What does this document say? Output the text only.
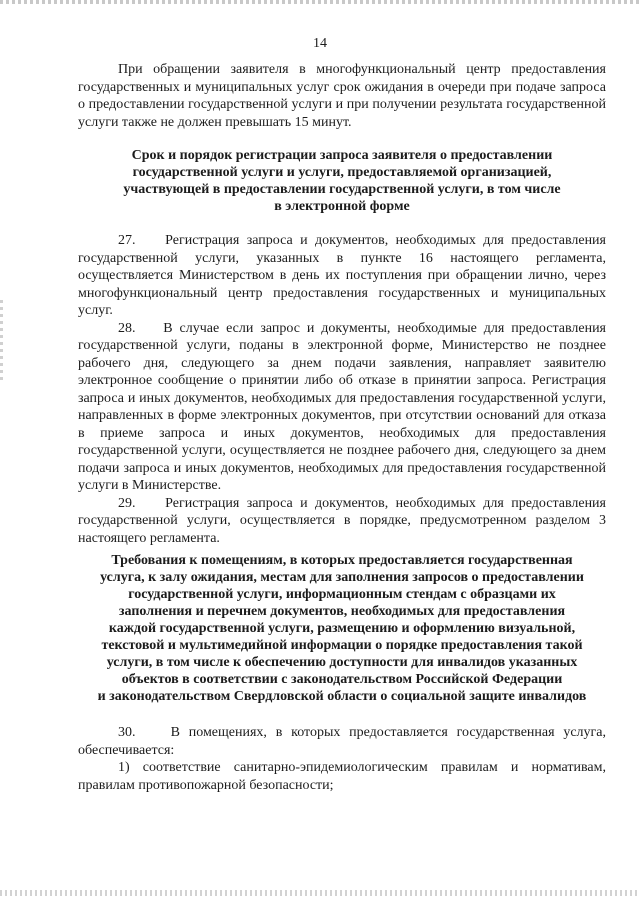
14

При обращении заявителя в многофункциональный центр предоставления государственных и муниципальных услуг срок ожидания в очереди при подаче запроса о предоставлении государственной услуги и при получении результата государственной услуги также не должен превышать 15 минут.

Срок и порядок регистрации запроса заявителя о предоставлении
государственной услуги и услуги, предоставляемой организацией,
участвующей в предоставлении государственной услуги, в том числе
в электронной форме

27.    Регистрация запроса и документов, необходимых для предоставления государственной услуги, указанных в пункте 16 настоящего регламента, осуществляется Министерством в день их поступления при обращении лично, через многофункциональный центр предоставления государственных и муниципальных услуг.

28.    В случае если запрос и документы, необходимые для предоставления государственной услуги, поданы в электронной форме, Министерство не позднее рабочего дня, следующего за днем подачи заявления, направляет заявителю электронное сообщение о принятии либо об отказе в принятии запроса. Регистрация запроса и иных документов, необходимых для предоставления государственной услуги, направленных в форме электронных документов, при отсутствии оснований для отказа в приеме запроса и иных документов, необходимых для предоставления государственной услуги, осуществляется не позднее рабочего дня, следующего за днем подачи запроса и иных документов, необходимых для предоставления государственной услуги в Министерстве.

29.    Регистрация запроса и документов, необходимых для предоставления государственной услуги, осуществляется в порядке, предусмотренном разделом 3 настоящего регламента.

Требования к помещениям, в которых предоставляется государственная
услуга, к залу ожидания, местам для заполнения запросов о предоставлении
государственной услуги, информационным стендам с образцами их
заполнения и перечнем документов, необходимых для предоставления
каждой государственной услуги, размещению и оформлению визуальной,
текстовой и мультимедийной информации о порядке предоставления такой
услуги, в том числе к обеспечению доступности для инвалидов указанных
объектов в соответствии с законодательством Российской Федерации
и законодательством Свердловской области о социальной защите инвалидов

30.    В помещениях, в которых предоставляется государственная услуга, обеспечивается:

1) соответствие санитарно-эпидемиологическим правилам и нормативам, правилам противопожарной безопасности;
